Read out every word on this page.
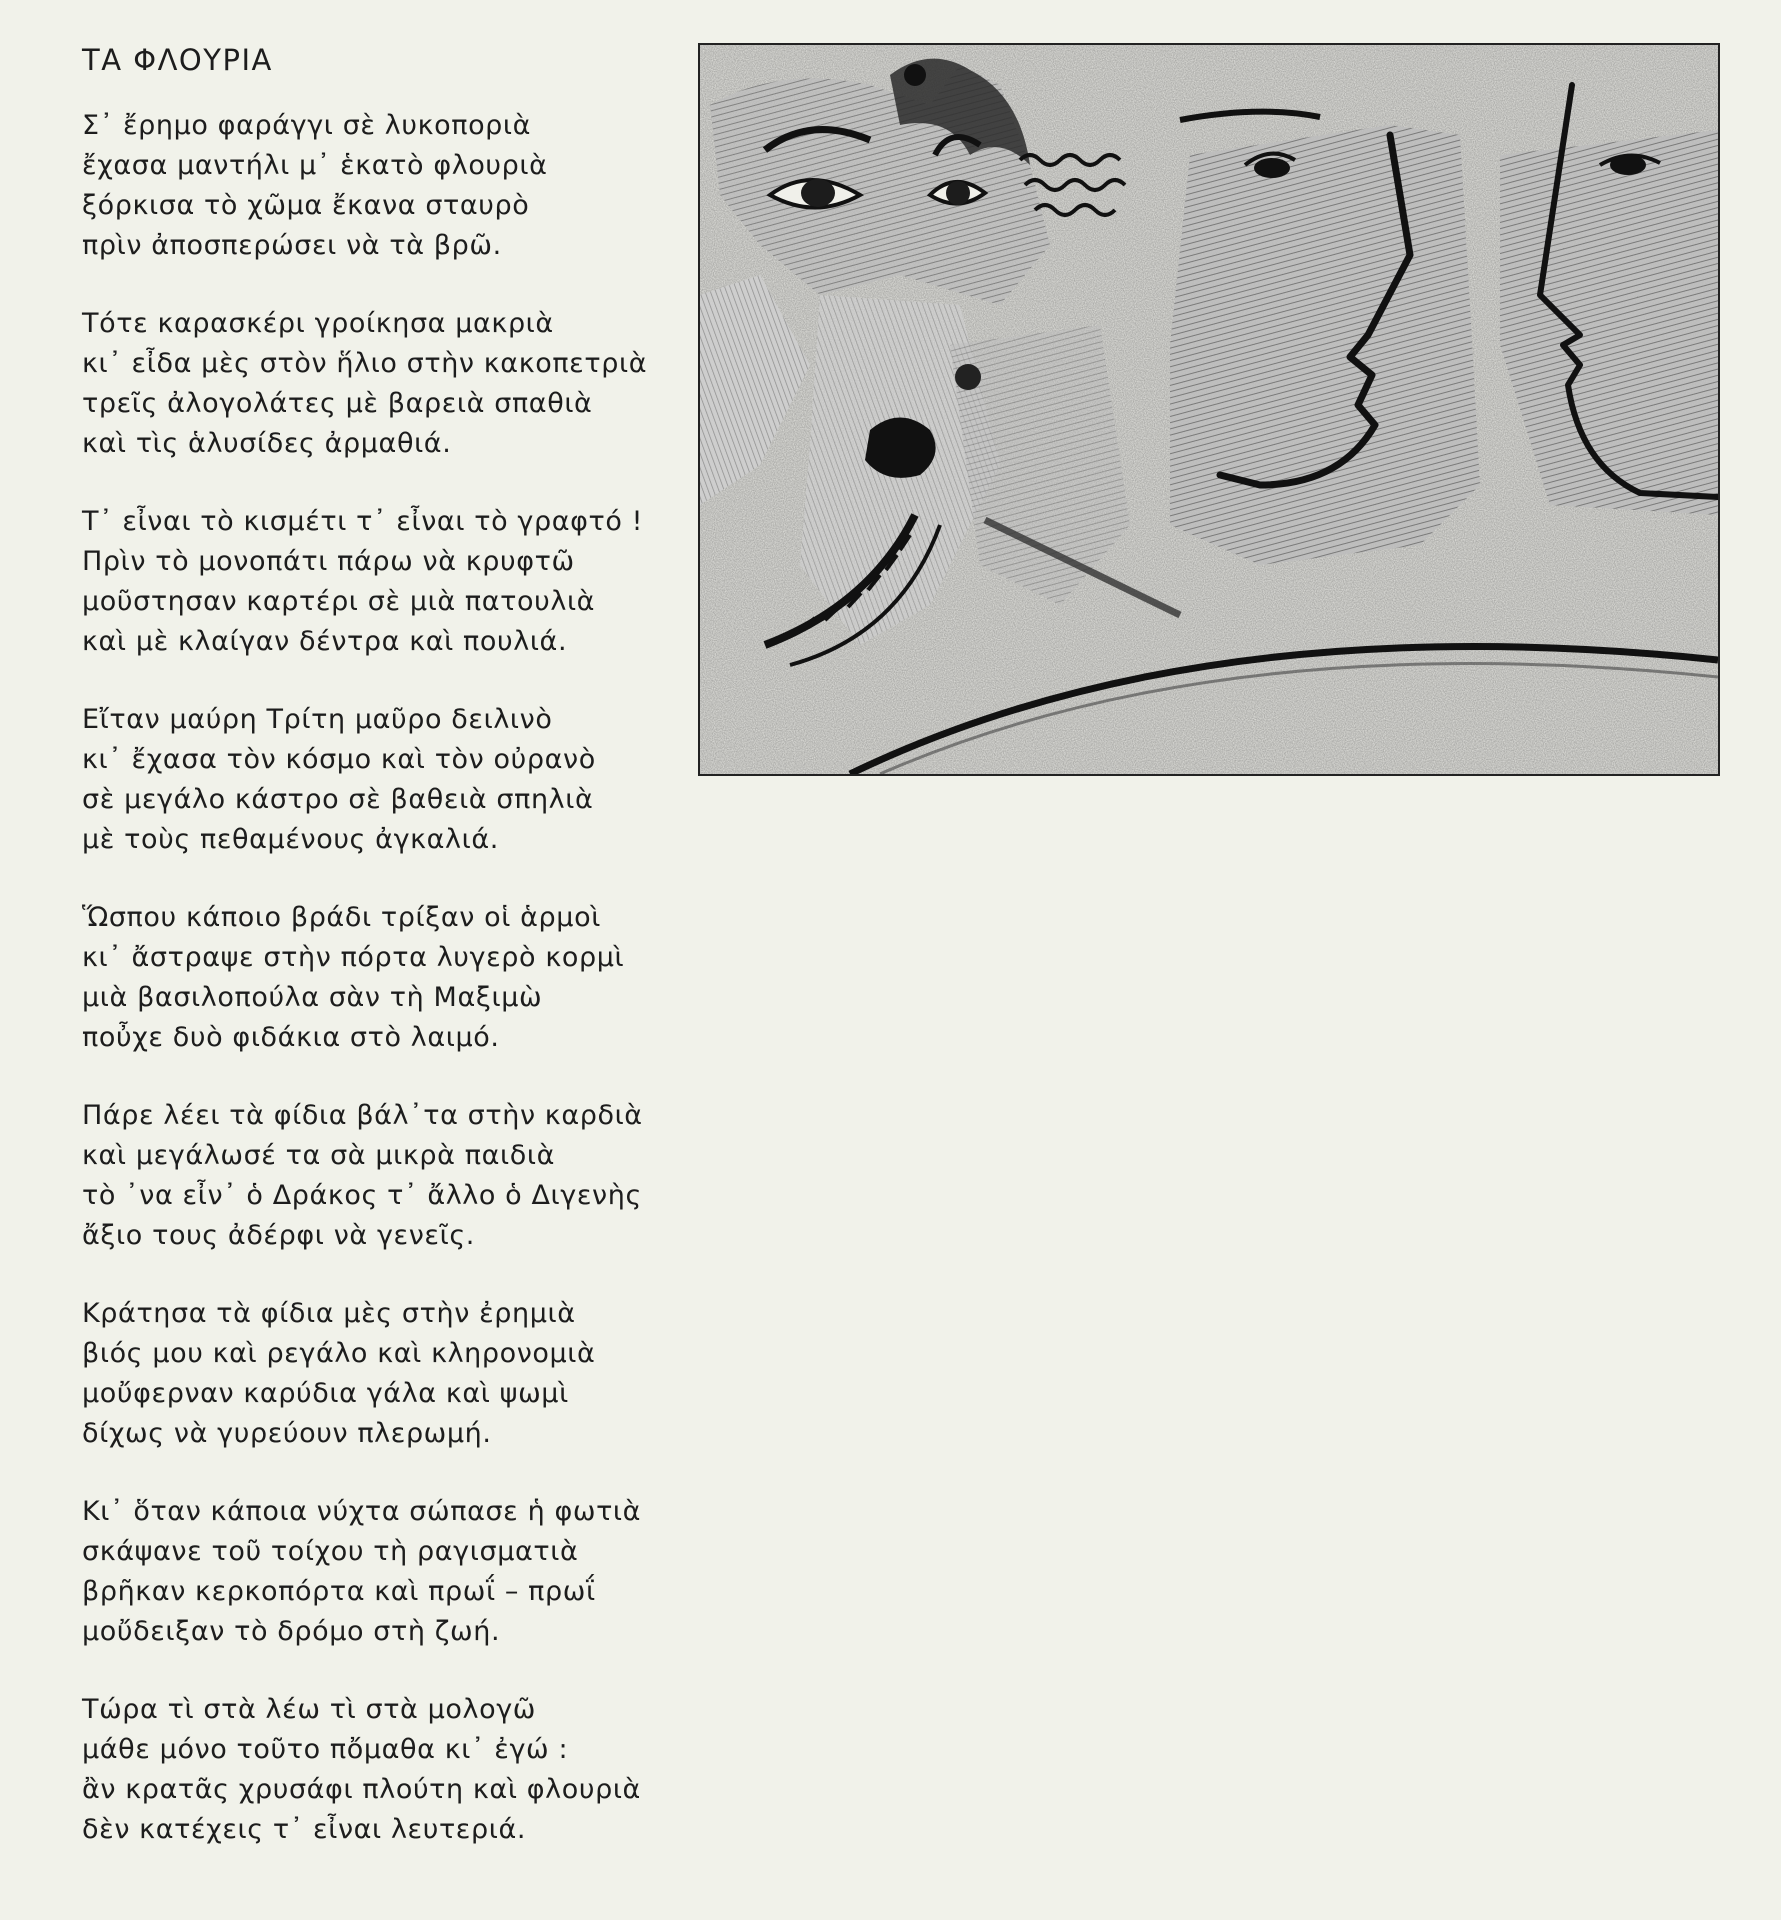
ΤΑ ΦΛΟΥΡΙΑ
Σ᾿ ἔρημο φαράγγι σὲ λυκοποριὰ
ἔχασα μαντήλι μ᾿ ἑκατὸ φλουριὰ
ξόρκισα τὸ χῶμα ἔκανα σταυρὸ
πρὶν ἀποσπερώσει νὰ τὰ βρῶ.
Τότε καρασκέρι γροίκησα μακριὰ
κι᾿ εἶδα μὲς στὸν ἥλιο στὴν κακοπετριὰ
τρεῖς ἀλογολάτες μὲ βαρειὰ σπαθιὰ
καὶ τὶς ἁλυσίδες ἀρμαθιά.
Τ᾿ εἶναι τὸ κισμέτι τ᾿ εἶναι τὸ γραφτό !
Πρὶν τὸ μονοπάτι πάρω νὰ κρυφτῶ
μοῦστησαν καρτέρι σὲ μιὰ πατουλιὰ
καὶ μὲ κλαίγαν δέντρα καὶ πουλιά.
Εἴταν μαύρη Τρίτη μαῦρο δειλινὸ
κι᾿ ἔχασα τὸν κόσμο καὶ τὸν οὐρανὸ
σὲ μεγάλο κάστρο σὲ βαθειὰ σπηλιὰ
μὲ τοὺς πεθαμένους ἀγκαλιά.
Ὥσπου κάποιο βράδι τρίξαν οἱ ἁρμοὶ
κι᾿ ἄστραψε στὴν πόρτα λυγερὸ κορμὶ
μιὰ βασιλοπούλα σὰν τὴ Μαξιμὼ
ποὖχε δυὸ φιδάκια στὸ λαιμό.
Πάρε λέει τὰ φίδια βάλ᾿τα στὴν καρδιὰ
καὶ μεγάλωσέ τα σὰ μικρὰ παιδιὰ
τὸ ᾿να εἶν᾿ ὁ Δράκος τ᾿ ἄλλο ὁ Διγενὴς
ἄξιο τους ἀδέρφι νὰ γενεῖς.
Κράτησα τὰ φίδια μὲς στὴν ἐρημιὰ
βιός μου καὶ ρεγάλο καὶ κληρονομιὰ
μοὔφερναν καρύδια γάλα καὶ ψωμὶ
δίχως νὰ γυρεύουν πλερωμή.
Κι᾿ ὅταν κάποια νύχτα σώπασε ἡ φωτιὰ
σκάψανε τοῦ τοίχου τὴ ραγισματιὰ
βρῆκαν κερκοπόρτα καὶ πρωΐ – πρωΐ
μοὔδειξαν τὸ δρόμο στὴ ζωή.
Τώρα τὶ στὰ λέω τὶ στὰ μολογῶ
μάθε μόνο τοῦτο πὄμαθα κι᾿ ἐγώ :
ἂν κρατᾶς χρυσάφι πλούτη καὶ φλουριὰ
δὲν κατέχεις τ᾿ εἶναι λευτεριά.
